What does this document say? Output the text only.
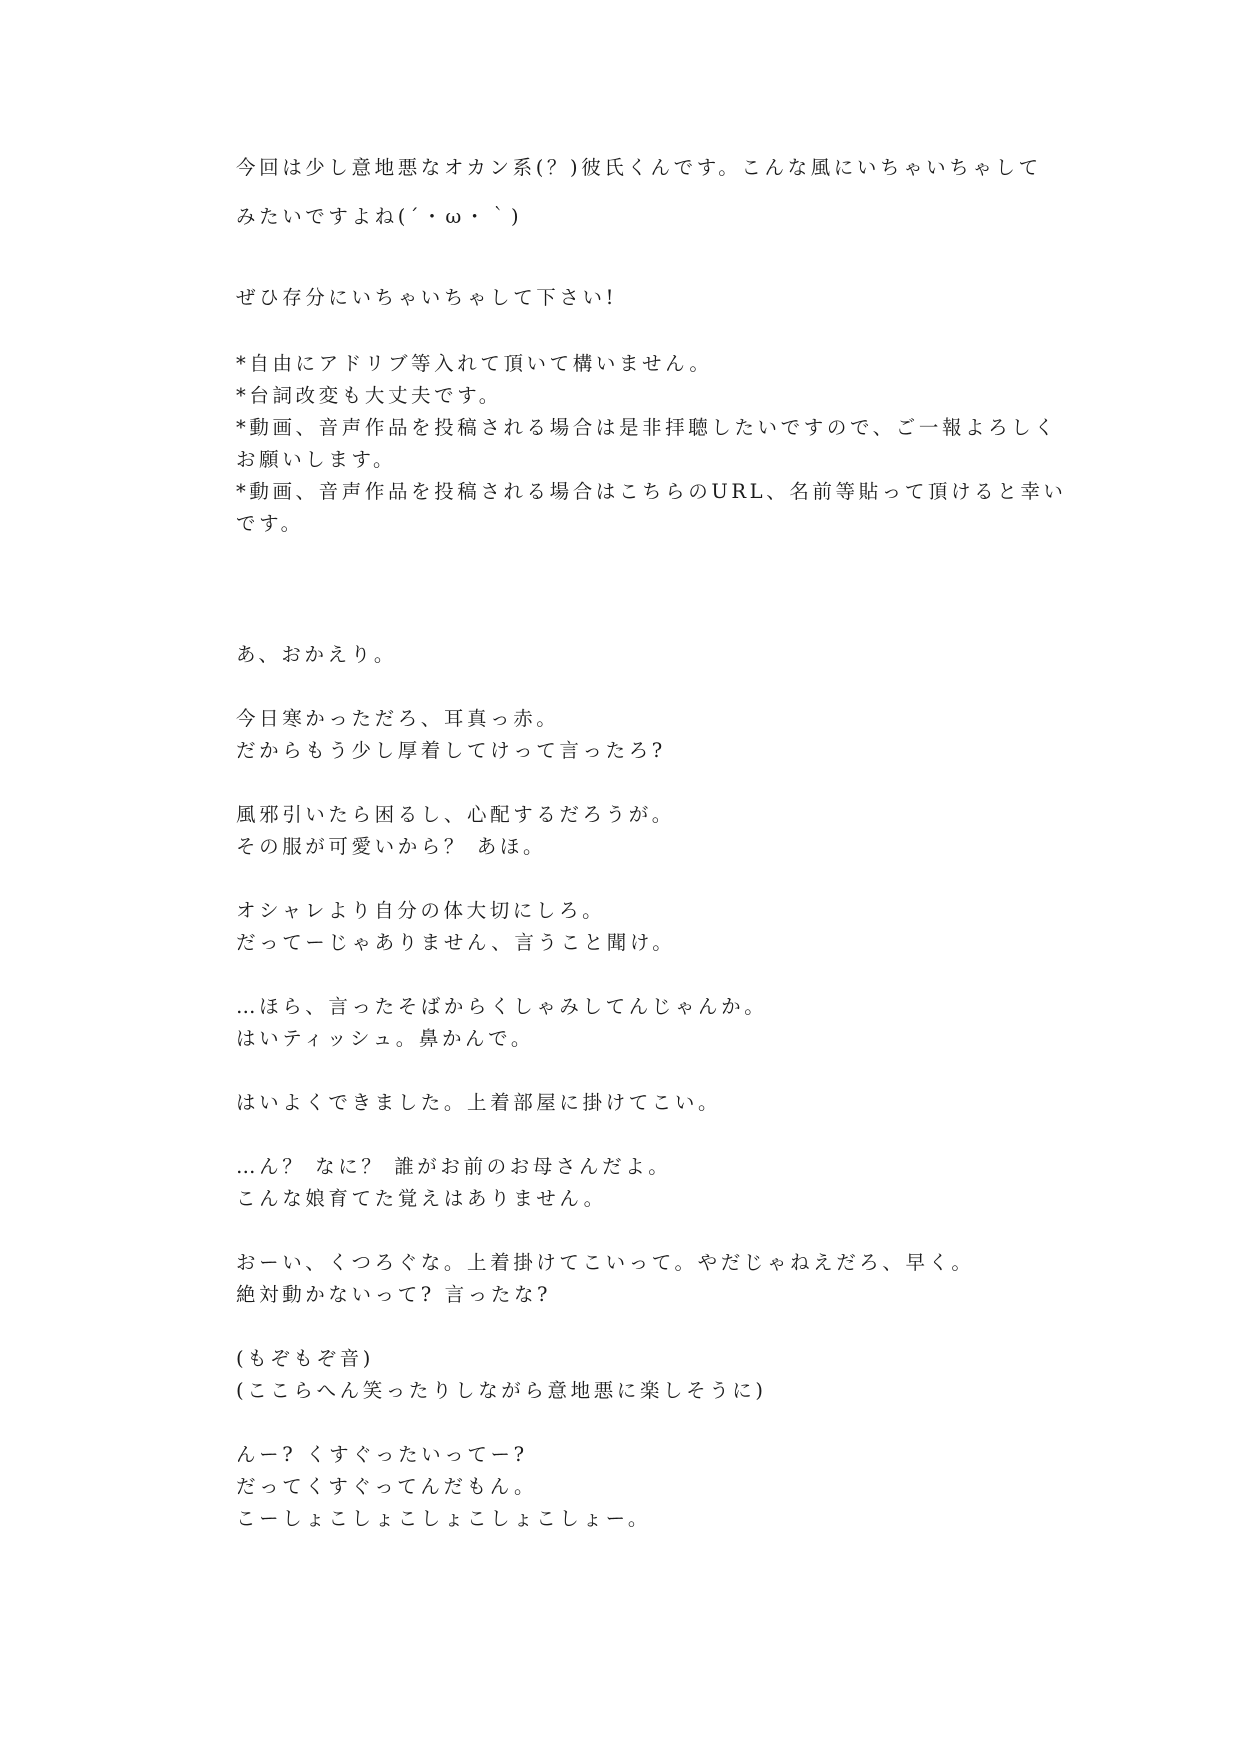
今回は少し意地悪なオカン系(？)彼氏くんです。こんな風にいちゃいちゃして
みたいですよね(´・ω・｀)
ぜひ存分にいちゃいちゃして下さい!
*自由にアドリブ等入れて頂いて構いません。
*台詞改変も大丈夫です。
*動画、音声作品を投稿される場合は是非拝聴したいですので、ご一報よろしく
お願いします。
*動画、音声作品を投稿される場合はこちらのURL、名前等貼って頂けると幸い
です。
あ、おかえり。
今日寒かっただろ、耳真っ赤。
だからもう少し厚着してけって言ったろ?
風邪引いたら困るし、心配するだろうが。
その服が可愛いから？ あほ。
オシャレより自分の体大切にしろ。
だってーじゃありません、言うこと聞け。
…ほら、言ったそばからくしゃみしてんじゃんか。
はいティッシュ。鼻かんで。
はいよくできました。上着部屋に掛けてこい。
…ん？ なに？ 誰がお前のお母さんだよ。
こんな娘育てた覚えはありません。
おーい、くつろぐな。上着掛けてこいって。やだじゃねえだろ、早く。
絶対動かないって? 言ったな?
(もぞもぞ音)
(ここらへん笑ったりしながら意地悪に楽しそうに)
んー? くすぐったいってー?
だってくすぐってんだもん。
こーしょこしょこしょこしょこしょー。
